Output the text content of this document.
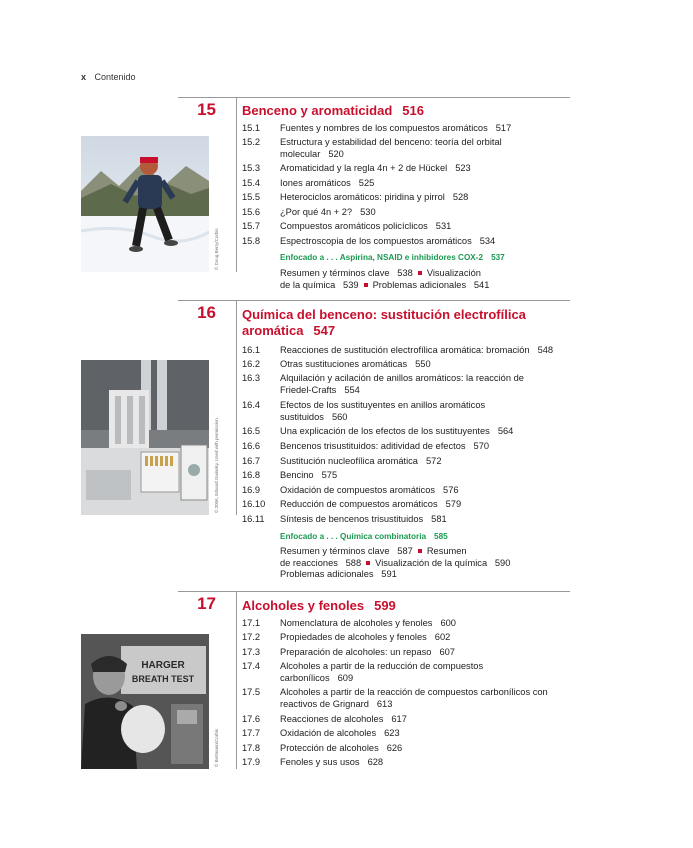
x Contenido
15 Benceno y aromaticidad 516
© Doug Berry/Corbis
15.1	Fuentes y nombres de los compuestos aromáticos 517
15.2	Estructura y estabilidad del benceno: teoría del orbital molecular 520
15.3	Aromaticidad y la regla 4n + 2 de Hückel 523
15.4	Iones aromáticos 525
15.5	Heterociclos aromáticos: piridina y pirrol 528
15.6	¿Por qué 4n + 2? 530
15.7	Compuestos aromáticos policíclicos 531
15.8	Espectroscopia de los compuestos aromáticos 534
Enfocado a . . . Aspirina, NSAID e inhibidores COX-2 537
Resumen y términos clave 538 Visualización
de la química 539 Problemas adicionales 541
16 Química del benceno: sustitución electrofílica
aromática 547
© 2006, Eduard Gwinsky. Used with permission.
16.1	Reacciones de sustitución electrofílica aromática: bromación 548
16.2	Otras sustituciones aromáticas 550
16.3	Alquilación y acilación de anillos aromáticos: la reacción de Friedel-Crafts 554
16.4	Efectos de los sustituyentes en anillos aromáticos sustituidos 560
16.5	Una explicación de los efectos de los sustituyentes 564
16.6	Bencenos trisustituidos: aditividad de efectos 570
16.7	Sustitución nucleofílica aromática 572
16.8	Bencino 575
16.9	Oxidación de compuestos aromáticos 576
16.10	Reducción de compuestos aromáticos 579
16.11	Síntesis de bencenos trisustituidos 581
Enfocado a . . . Química combinatoria 585
Resumen y términos clave 587 Resumen
de reacciones 588 Visualización de la química 590
Problemas adicionales 591
17 Alcoholes y fenoles 599
HARGER
BREATH TEST
© Bettmann/Corbis
17.1	Nomenclatura de alcoholes y fenoles 600
17.2	Propiedades de alcoholes y fenoles 602
17.3	Preparación de alcoholes: un repaso 607
17.4	Alcoholes a partir de la reducción de compuestos carbonílicos 609
17.5	Alcoholes a partir de la reacción de compuestos carbonílicos con reactivos de Grignard 613
17.6	Reacciones de alcoholes 617
17.7	Oxidación de alcoholes 623
17.8	Protección de alcoholes 626
17.9	Fenoles y sus usos 628
